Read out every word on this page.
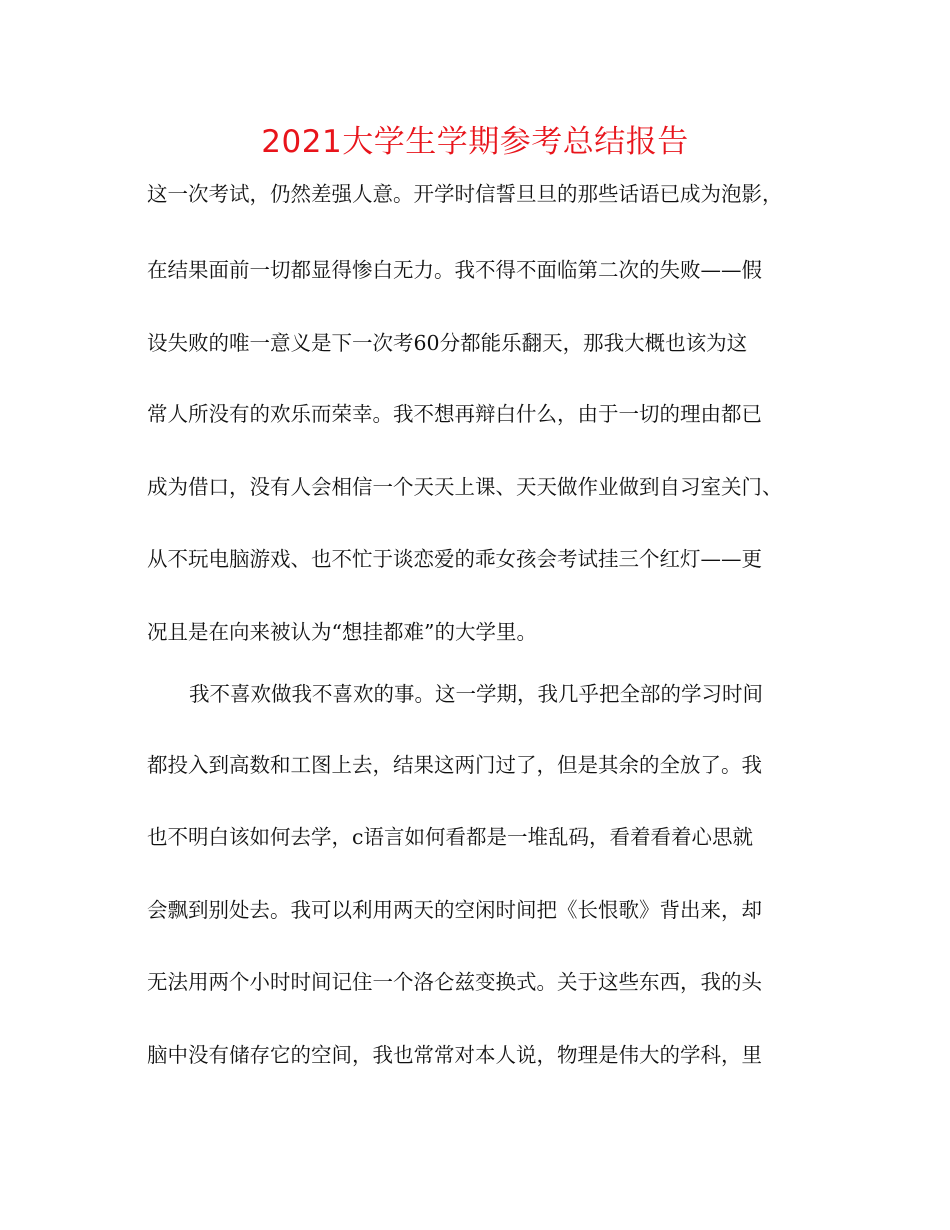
2021大学生学期参考总结报告
这一次考试，仍然差强人意。开学时信誓旦旦的那些话语已成为泡影，
在结果面前一切都显得惨白无力。我不得不面临第二次的失败——假
设失败的唯一意义是下一次考60分都能乐翻天，那我大概也该为这
常人所没有的欢乐而荣幸。我不想再辩白什么，由于一切的理由都已
成为借口，没有人会相信一个天天上课、天天做作业做到自习室关门、
从不玩电脑游戏、也不忙于谈恋爱的乖女孩会考试挂三个红灯——更
况且是在向来被认为“想挂都难”的大学里。
我不喜欢做我不喜欢的事。这一学期，我几乎把全部的学习时间
都投入到高数和工图上去，结果这两门过了，但是其余的全放了。我
也不明白该如何去学，c语言如何看都是一堆乱码，看着看着心思就
会飘到别处去。我可以利用两天的空闲时间把《长恨歌》背出来，却
无法用两个小时时间记住一个洛仑兹变换式。关于这些东西，我的头
脑中没有储存它的空间，我也常常对本人说，物理是伟大的学科，里
